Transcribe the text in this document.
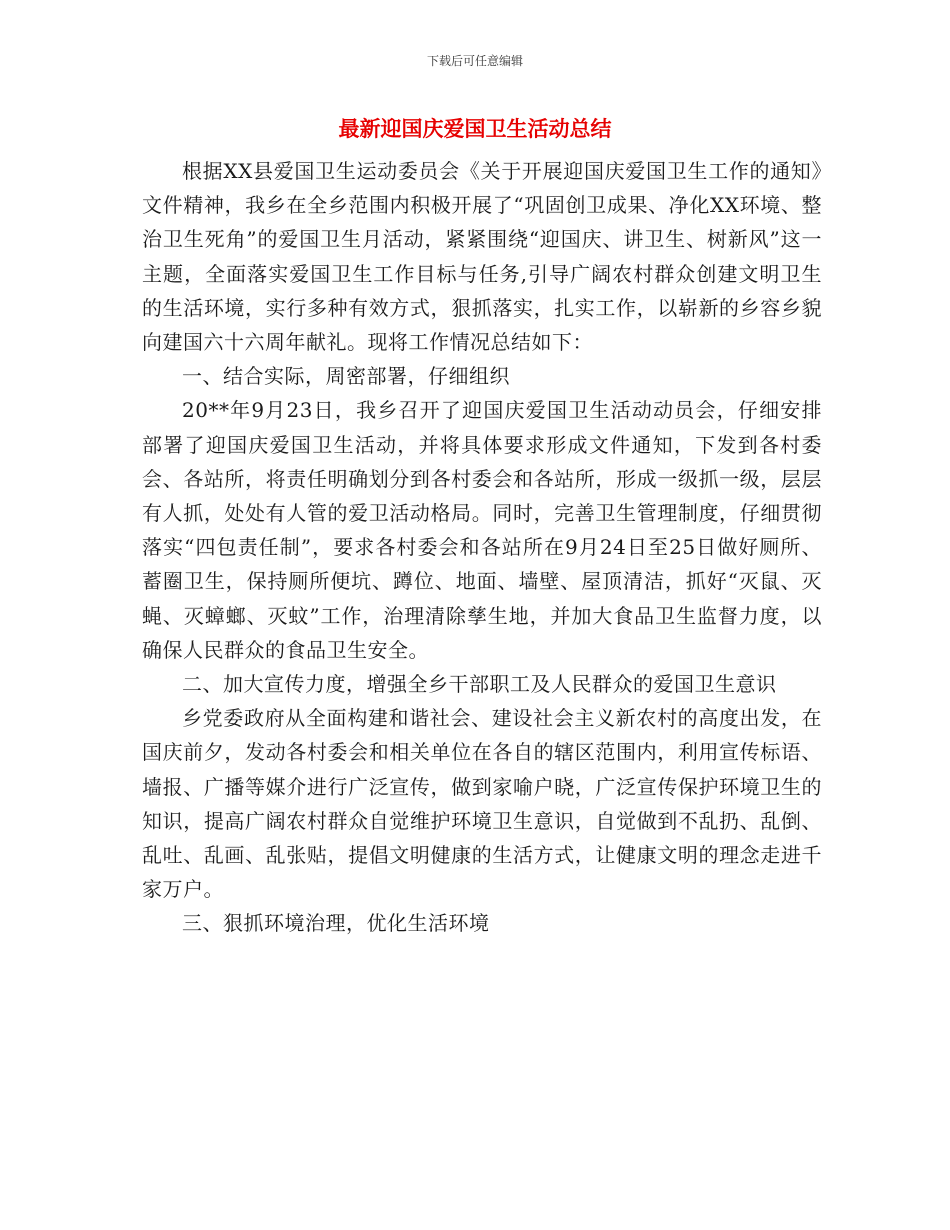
下载后可任意编辑
最新迎国庆爱国卫生活动总结

根据XX县爱国卫生运动委员会《关于开展迎国庆爱国卫生工作的通知》文件精神，我乡在全乡范围内积极开展了“巩固创卫成果、净化XX环境、整治卫生死角”的爱国卫生月活动，紧紧围绕“迎国庆、讲卫生、树新风”这一主题，全面落实爱国卫生工作目标与任务,引导广阔农村群众创建文明卫生的生活环境，实行多种有效方式，狠抓落实，扎实工作，以崭新的乡容乡貌向建国六十六周年献礼。现将工作情况总结如下：

一、结合实际，周密部署，仔细组织

20**年9月23日，我乡召开了迎国庆爱国卫生活动动员会，仔细安排部署了迎国庆爱国卫生活动，并将具体要求形成文件通知，下发到各村委会、各站所，将责任明确划分到各村委会和各站所，形成一级抓一级，层层有人抓，处处有人管的爱卫活动格局。同时，完善卫生管理制度，仔细贯彻落实“四包责任制”，要求各村委会和各站所在9月24日至25日做好厕所、蓄圈卫生，保持厕所便坑、蹲位、地面、墙壁、屋顶清洁，抓好“灭鼠、灭蝇、灭蟑螂、灭蚊”工作，治理清除孳生地，并加大食品卫生监督力度，以确保人民群众的食品卫生安全。

二、加大宣传力度，增强全乡干部职工及人民群众的爱国卫生意识

乡党委政府从全面构建和谐社会、建设社会主义新农村的高度出发，在国庆前夕，发动各村委会和相关单位在各自的辖区范围内，利用宣传标语、墙报、广播等媒介进行广泛宣传，做到家喻户晓，广泛宣传保护环境卫生的知识，提高广阔农村群众自觉维护环境卫生意识，自觉做到不乱扔、乱倒、乱吐、乱画、乱张贴，提倡文明健康的生活方式，让健康文明的理念走进千家万户。

三、狠抓环境治理，优化生活环境
